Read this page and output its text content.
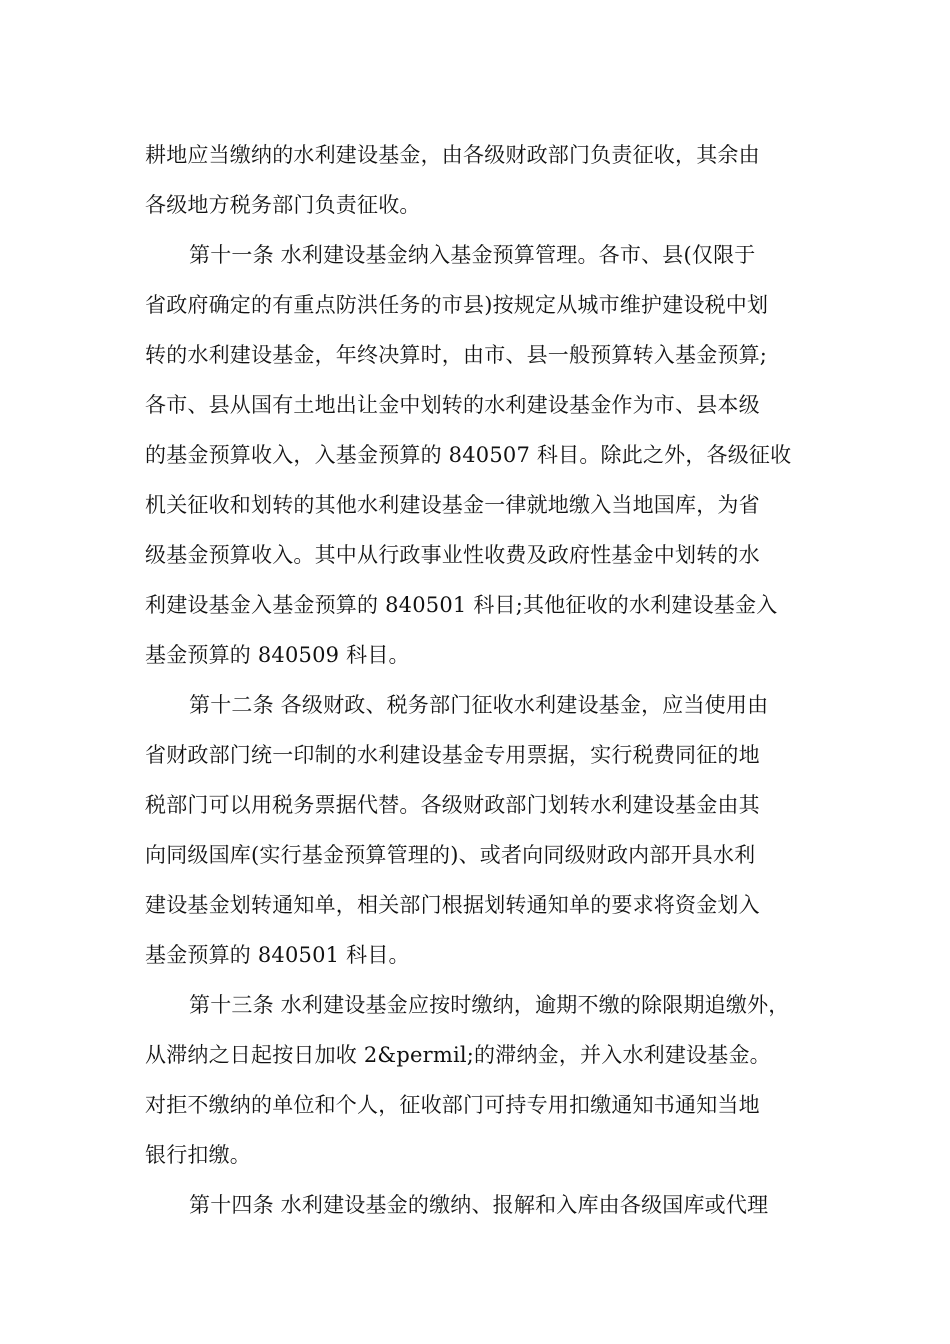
耕地应当缴纳的水利建设基金，由各级财政部门负责征收，其余由
各级地方税务部门负责征收。
第十一条 水利建设基金纳入基金预算管理。各市、县(仅限于
省政府确定的有重点防洪任务的市县)按规定从城市维护建设税中划
转的水利建设基金，年终决算时，由市、县一般预算转入基金预算;
各市、县从国有土地出让金中划转的水利建设基金作为市、县本级
的基金预算收入，入基金预算的 840507 科目。除此之外，各级征收
机关征收和划转的其他水利建设基金一律就地缴入当地国库，为省
级基金预算收入。其中从行政事业性收费及政府性基金中划转的水
利建设基金入基金预算的 840501 科目;其他征收的水利建设基金入
基金预算的 840509 科目。
第十二条 各级财政、税务部门征收水利建设基金，应当使用由
省财政部门统一印制的水利建设基金专用票据，实行税费同征的地
税部门可以用税务票据代替。各级财政部门划转水利建设基金由其
向同级国库(实行基金预算管理的)、或者向同级财政内部开具水利
建设基金划转通知单，相关部门根据划转通知单的要求将资金划入
基金预算的 840501 科目。
第十三条 水利建设基金应按时缴纳，逾期不缴的除限期追缴外，
从滞纳之日起按日加收 2&permil;的滞纳金，并入水利建设基金。
对拒不缴纳的单位和个人，征收部门可持专用扣缴通知书通知当地
银行扣缴。
第十四条 水利建设基金的缴纳、报解和入库由各级国库或代理
